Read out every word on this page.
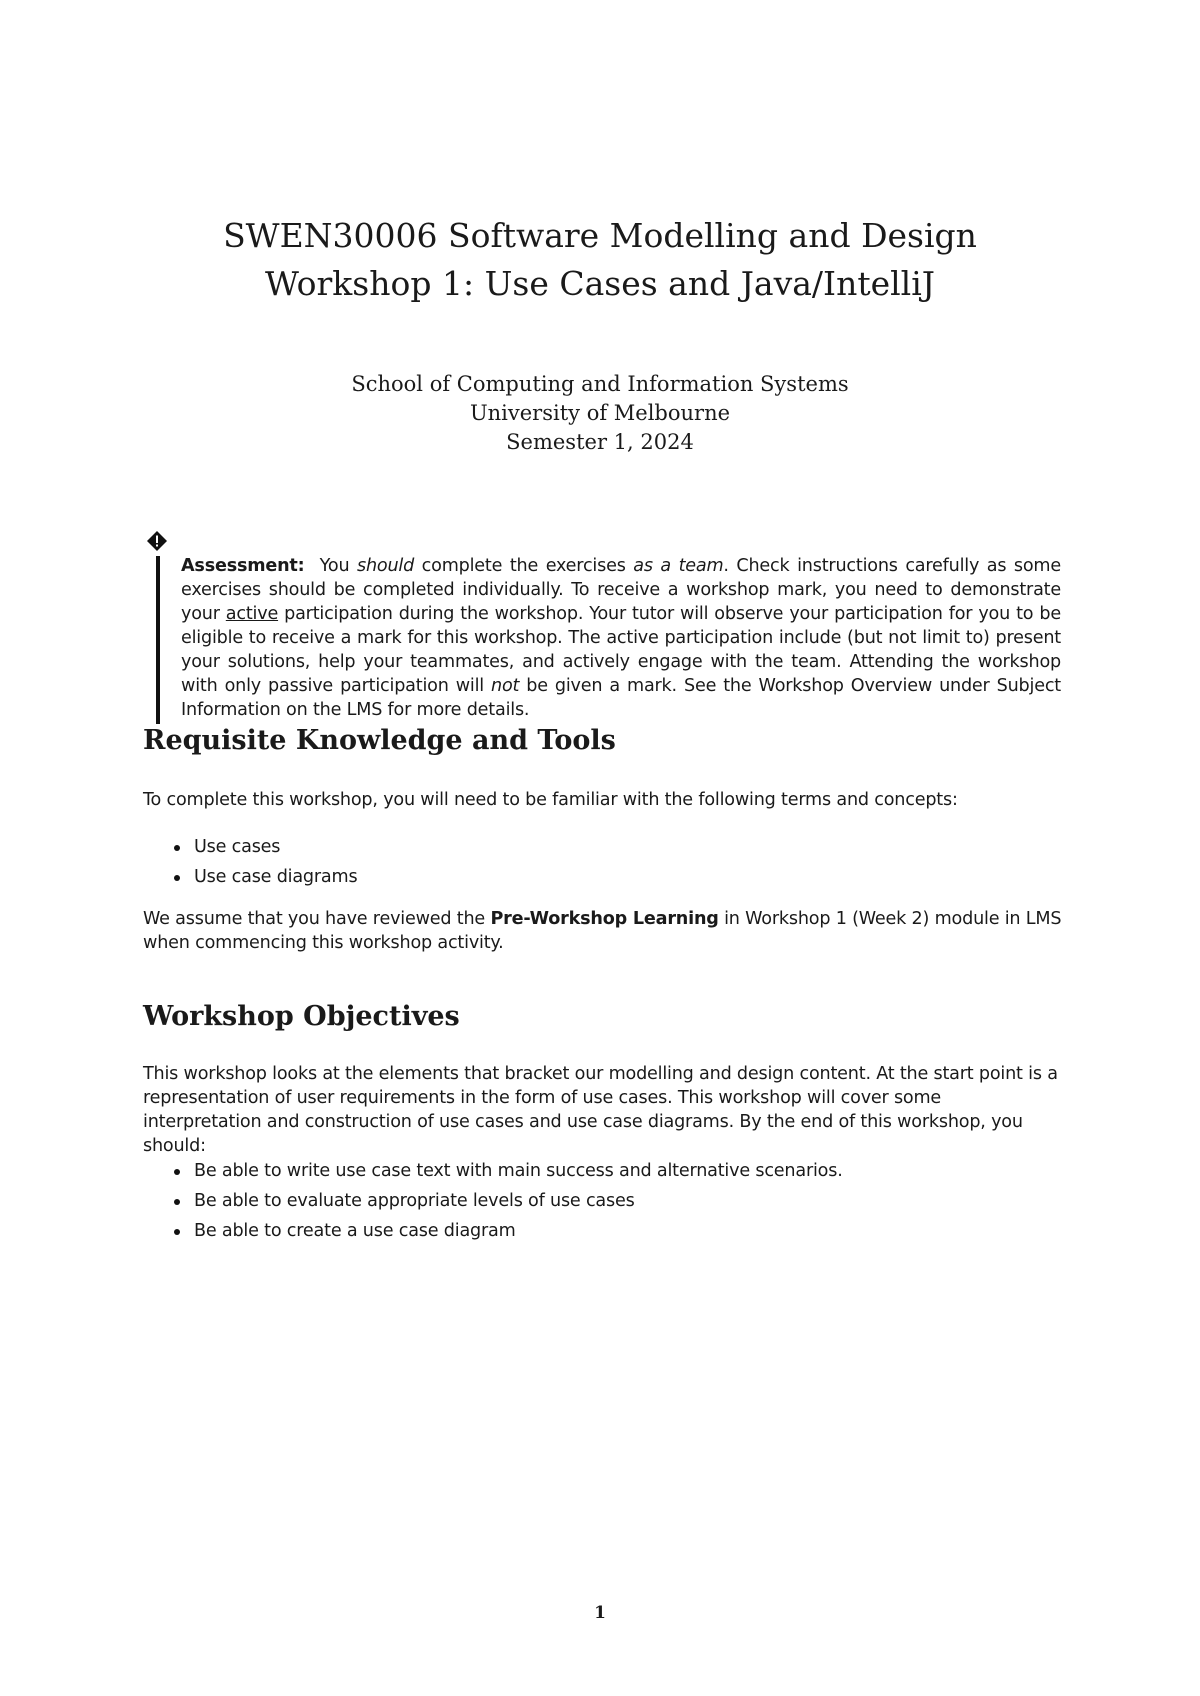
SWEN30006 Software Modelling and Design

Workshop 1: Use Cases and Java/IntelliJ

School of Computing and Information Systems

University of Melbourne

Semester 1, 2024

Assessment: You should complete the exercises as a team. Check instructions carefully as some exercises should be completed individually. To receive a workshop mark, you need to demonstrate your active participation during the workshop. Your tutor will observe your participation for you to be eligible to receive a mark for this workshop. The active participation include (but not limit to) present your solutions, help your teammates, and actively engage with the team. Attending the workshop with only passive participation will not be given a mark. See the Workshop Overview under Subject Information on the LMS for more details.
Requisite Knowledge and Tools

To complete this workshop, you will need to be familiar with the following terms and concepts:

Use cases
Use case diagrams

We assume that you have reviewed the Pre-Workshop Learning in Workshop 1 (Week 2) module in LMS when commencing this workshop activity.

Workshop Objectives

This workshop looks at the elements that bracket our modelling and design content. At the start point is a representation of user requirements in the form of use cases. This workshop will cover some interpretation and construction of use cases and use case diagrams. By the end of this workshop, you should:

Be able to write use case text with main success and alternative scenarios.
Be able to evaluate appropriate levels of use cases
Be able to create a use case diagram
1
